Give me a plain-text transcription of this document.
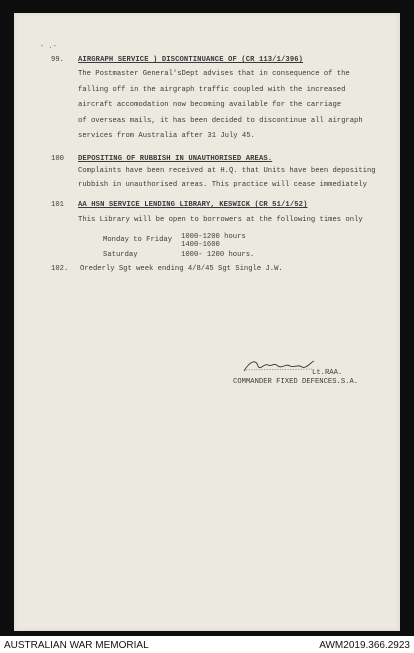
- .-
99. AIRGRAPH SERVICE ) DISCONTINUANCE OF (CR 113/1/396)
The Postmaster General'sDept advises that in consequence of the
falling off in the airgraph traffic coupled with the increased
aircraft accomodation now becoming available for the carriage
of overseas mails, it has been decided to discontinue all airgraph
services from Australia after 31 July 45.
100 DEPOSITING OF RUBBISH IN UNAUTHORISED AREAS.
Complaints have been received at H.Q. that Units have been depositing
rubbish in unauthorised areas. This practice will cease immediately
101 AA HSN SERVICE LENDING LIBRARY, KESWICK (CR 51/1/52)
This Library will be open to borrowers at the following times only
Monday to Friday 1000-1200 hours
1400-1600
Saturday	1000- 1200 hours.
102. Orederly Sgt week ending 4/8/45 Sgt Single J.W.
Lt.RAA.
COMMANDER FIXED DEFENCES.S.A.
AUSTRALIAN WAR MEMORIAL	AWM2019.366.2923
